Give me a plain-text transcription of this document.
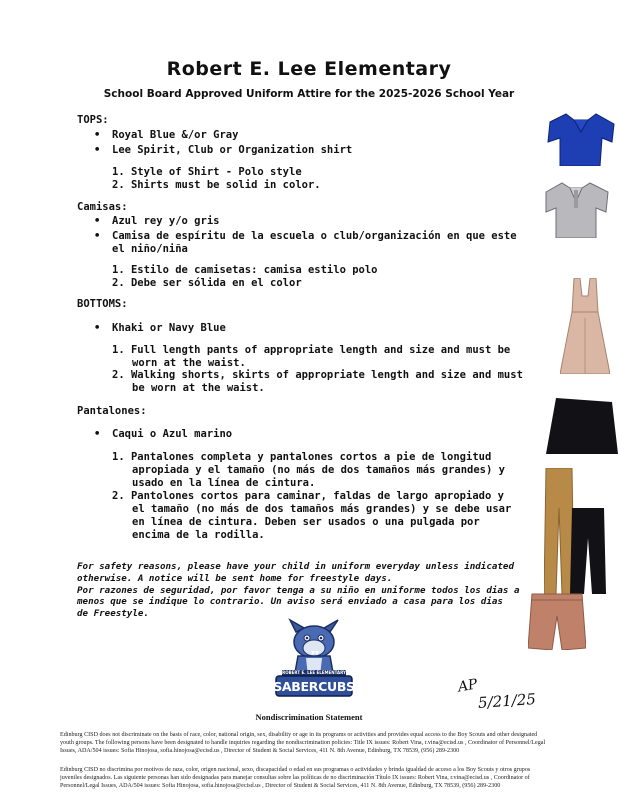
Robert E. Lee Elementary
School Board Approved Uniform Attire for the 2025-2026 School Year
TOPS:
• Royal Blue &/or Gray
• Lee Spirit, Club or Organization shirt
1. Style of Shirt - Polo style
2. Shirts must be solid in color.
Camisas:
• Azul rey y/o gris
• Camisa de espíritu de la escuela o club/organización en que este
el niño/niña
1. Estilo de camisetas: camisa estilo polo
2. Debe ser sólida en el color
BOTTOMS:
• Khaki or Navy Blue
1. Full length pants of appropriate length and size and must be
worn at the waist.
2. Walking shorts, skirts of appropriate length and size and must
be worn at the waist.
Pantalones:
• Caqui o Azul marino
1. Pantalones completa y pantalones cortos a pie de longitud
apropiada y el tamaño (no más de dos tamaños más grandes) y
usado en la línea de cintura.
2. Pantolones cortos para caminar, faldas de largo apropiado y
el tamaño (no más de dos tamaños más grandes) y se debe usar
en línea de cintura. Deben ser usados o una pulgada por
encima de la rodilla.
For safety reasons, please have your child in uniform everyday unless indicated
otherwise. A notice will be sent home for freestyle days.
Por razones de seguridad, por favor tenga a su niño en uniforme todos los dias a
menos que se indique lo contrario. Un aviso será enviado a casa para los dias
de Freestyle.
ROBERT E. LEE ELEMENTARY
SABERCUBS	AP
5/21/25
Nondiscrimination Statement
Edinburg CISD does not discriminate on the basis of race, color, national origin, sex, disability or age in its programs or activities and provides equal access to the Boy Scouts and other designated
youth groups. The following persons have been designated to handle inquiries regarding the nondiscrimination policies: Title IX issues: Robert Vina, r.vina@ecisd.us , Coordinator of Personnel/Legal
Issues, ADA/504 issues: Sofia Hinojosa, sofia.hinojosa@ecisd.us , Director of Student & Social Services, 411 N. 8th Avenue, Edinburg, TX 78539, (956) 289-2300
Edinburg CISD no discrimina por motivos de raza, color, origen nacional, sexo, discapacidad o edad en sus programas o actividades y brinda igualdad de acceso a los Boy Scouts y otros grupos
juveniles designados. Las siguiente personas han sido designadas para manejar consultas sobre las políticas de no discriminación Título IX issues: Robert Vina, r.vina@ecisd.us , Coordinator of
Personnel/Legal Issues, ADA/504 issues: Sofia Hinojosa, sofia.hinojosa@ecisd.us , Director of Student & Social Services, 411 N. 8th Avenue, Edinburg, TX 78539, (956) 289-2300
